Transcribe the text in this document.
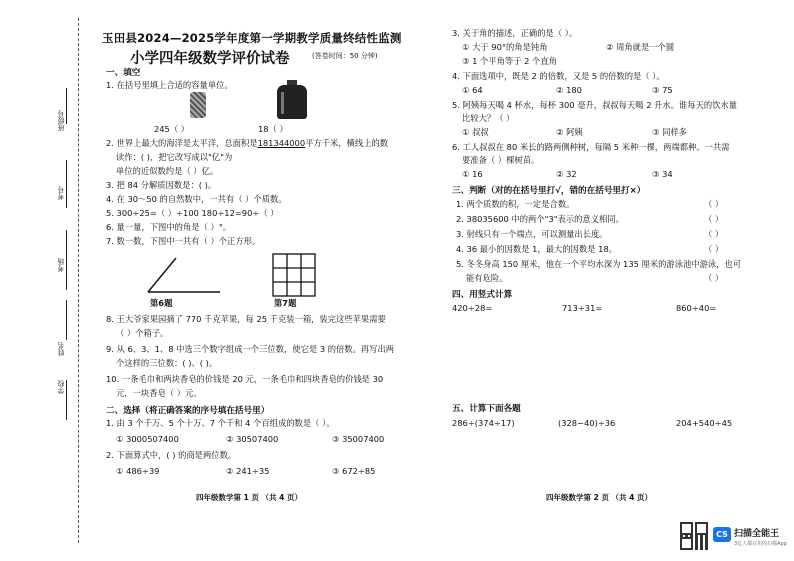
班级号
考号
考场
姓名
学校
玉田县2024—2025学年度第一学期教学质量终结性监测
小学四年级数学评价试卷	(答卷时间：50 分钟)
一、填空
1. 在括号里填上合适的容量单位。
245（ ）	18（ ）
2. 世界上最大的海洋是太平洋，总面积是181344000平方千米，横线上的数
读作：( )，把它改写成以"亿"为
单位的近似数约是（ ）亿。
3. 把 84 分解质因数是：( )。
4. 在 30～50 的自然数中，一共有（ ）个质数。
5. 300÷25=（ ）÷100 180÷12=90÷（ ）
6. 量一量，下图中的角是（ ）°。
7. 数一数，下图中一共有（ ）个正方形。
第6题	第7题
8. 王大爷家果园摘了 770 千克苹果，每 25 千克装一箱，装完这些苹果需要
（ ）个箱子。
9. 从 6、3、1、8 中选三个数字组成一个三位数，使它是 3 的倍数。再写出两
个这样的三位数：( )、( )。
10. 一条毛巾和两块香皂的价钱是 20 元，一条毛巾和四块香皂的价钱是 30
元，一块香皂（ ）元。
二、选择（将正确答案的序号填在括号里）
1. 由 3 个千万、5 个十万、7 个千和 4 个百组成的数是（ ）。
① 3000507400	② 30507400	③ 35007400
2. 下面算式中，( ) 的商是两位数。
① 486÷39	② 241÷35	③ 672÷85
四年级数学第 1 页 （共 4 页）
3. 关于角的描述，正确的是（ ）。
① 大于 90°的角是钝角	② 周角就是一个圆
③ 1 个平角等于 2 个直角
4. 下面选项中，既是 2 的倍数，又是 5 的倍数的是（ ）。
① 64	② 180	③ 75
5. 阿姨每天喝 4 杯水，每杯 300 毫升，叔叔每天喝 2 升水。谁每天的饮水量
比较大？（ ）
① 叔叔	② 阿姨	③ 同样多
6. 工人叔叔在 80 米长的路两侧种树，每隔 5 米种一棵，两端都种。一共需
要准备（ ）棵树苗。
① 16	② 32	③ 34
三、判断（对的在括号里打√，错的在括号里打×）
1. 两个质数的积，一定是合数。	（ ）
2. 38035600 中的两个"3"表示的意义相同。	（ ）
3. 射线只有一个端点，可以测量出长度。	（ ）
4. 36 最小的因数是 1，最大的因数是 18。	（ ）
5. 冬冬身高 150 厘米，他在一个平均水深为 135 厘米的游泳池中游泳，也可
能有危险。	（ ）
四、用竖式计算
420÷28=	713÷31=	860÷40=
五、计算下面各题
286÷(374÷17)	(328−40)÷36	204+540÷45
四年级数学第 2 页 （共 4 页）
CS 扫描全能王
3亿人都在用的扫描App
